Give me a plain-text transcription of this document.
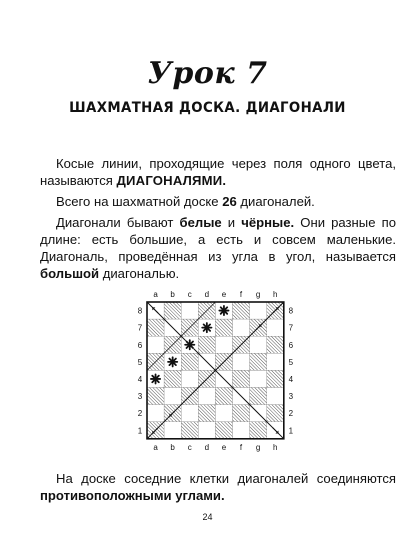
Урок 7
ШАХМАТНАЯ ДОСКА. ДИАГОНАЛИ
Косые линии, проходящие через поля одного цвета, называются ДИАГОНАЛЯМИ.
Всего на шахматной доске 26 диагоналей.
Диагонали бывают белые и чёрные. Они разные по длине: есть большие, а есть и совсем маленькие. Диагональ, проведённая из угла в угол, называется большой диагональю.
a
a
b
b
c
c
d
d
e
e
f
f
g
g
h
h
8	8
7	7
6	6
5	5
4	4
3	3
2	2
1	1
На доске соседние клетки диагоналей соединяются противоположными углами.
24
